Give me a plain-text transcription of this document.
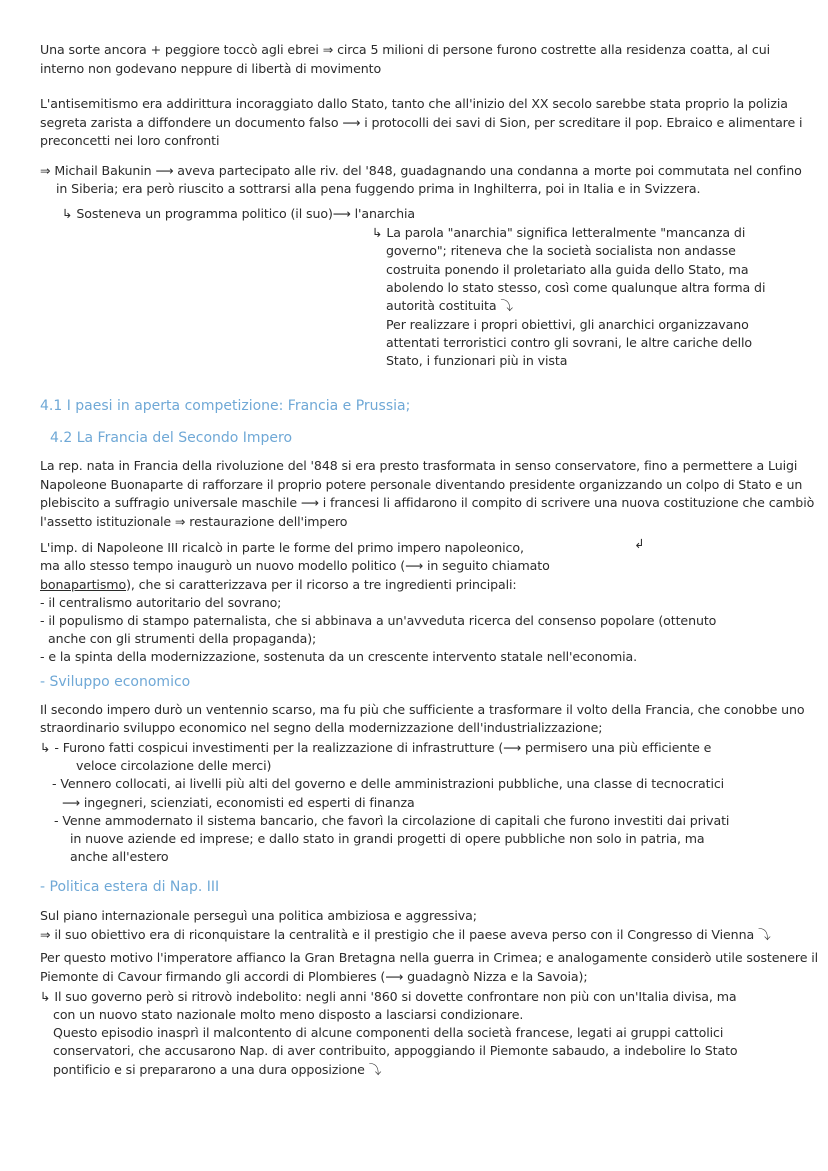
Una sorte ancora + peggiore toccò agli ebrei ⇒ circa 5 milioni di persone furono costrette alla residenza coatta, al cui
interno non godevano neppure di libertà di movimento
L'antisemitismo era addirittura incoraggiato dallo Stato, tanto che all'inizio del XX secolo sarebbe stata proprio la polizia
segreta zarista a diffondere un documento falso ⟶ i protocolli dei savi di Sion, per screditare il pop. Ebraico e alimentare i
preconcetti nei loro confronti
⇒ Michail Bakunin ⟶ aveva partecipato alle riv. del '848, guadagnando una condanna a morte poi commutata nel confino
in Siberia; era però riuscito a sottrarsi alla pena fuggendo prima in Inghilterra, poi in Italia e in Svizzera.
↳ Sosteneva un programma politico (il suo)⟶ l'anarchia
↳ La parola "anarchia" significa letteralmente "mancanza di
governo"; riteneva che la società socialista non andasse
costruita ponendo il proletariato alla guida dello Stato, ma
abolendo lo stato stesso, così come qualunque altra forma di
autorità costituita ⤵
Per realizzare i propri obiettivi, gli anarchici organizzavano
attentati terroristici contro gli sovrani, le altre cariche dello
Stato, i funzionari più in vista
4.1 I paesi in aperta competizione: Francia e Prussia;
4.2 La Francia del Secondo Impero
La rep. nata in Francia della rivoluzione del '848 si era presto trasformata in senso conservatore, fino a permettere a Luigi
Napoleone Buonaparte di rafforzare il proprio potere personale diventando presidente organizzando un colpo di Stato e un
plebiscito a suffragio universale maschile ⟶ i francesi li affidarono il compito di scrivere una nuova costituzione che cambiò
l'assetto istituzionale ⇒ restaurazione dell'impero
L'imp. di Napoleone III ricalcò in parte le forme del primo impero napoleonico,	↲
ma allo stesso tempo inaugurò un nuovo modello politico (⟶ in seguito chiamato
bonapartismo), che si caratterizzava per il ricorso a tre ingredienti principali:
- il centralismo autoritario del sovrano;
- il populismo di stampo paternalista, che si abbinava a un'avveduta ricerca del consenso popolare (ottenuto
anche con gli strumenti della propaganda);
- e la spinta della modernizzazione, sostenuta da un crescente intervento statale nell'economia.
- Sviluppo economico
Il secondo impero durò un ventennio scarso, ma fu più che sufficiente a trasformare il volto della Francia, che conobbe uno
straordinario sviluppo economico nel segno della modernizzazione dell'industrializzazione;
↳ - Furono fatti cospicui investimenti per la realizzazione di infrastrutture (⟶ permisero una più efficiente e
veloce circolazione delle merci)
- Vennero collocati, ai livelli più alti del governo e delle amministrazioni pubbliche, una classe di tecnocratici
⟶ ingegneri, scienziati, economisti ed esperti di finanza
- Venne ammodernato il sistema bancario, che favorì la circolazione di capitali che furono investiti dai privati
in nuove aziende ed imprese; e dallo stato in grandi progetti di opere pubbliche non solo in patria, ma
anche all'estero
- Politica estera di Nap. III
Sul piano internazionale perseguì una politica ambiziosa e aggressiva;
⇒ il suo obiettivo era di riconquistare la centralità e il prestigio che il paese aveva perso con il Congresso di Vienna ⤵
Per questo motivo l'imperatore affianco la Gran Bretagna nella guerra in Crimea; e analogamente considerò utile sostenere il
Piemonte di Cavour firmando gli accordi di Plombieres (⟶ guadagnò Nizza e la Savoia);
↳ Il suo governo però si ritrovò indebolito: negli anni '860 si dovette confrontare non più con un'Italia divisa, ma
con un nuovo stato nazionale molto meno disposto a lasciarsi condizionare.
Questo episodio inasprì il malcontento di alcune componenti della società francese, legati ai gruppi cattolici
conservatori, che accusarono Nap. di aver contribuito, appoggiando il Piemonte sabaudo, a indebolire lo Stato
pontificio e si prepararono a una dura opposizione ⤵
